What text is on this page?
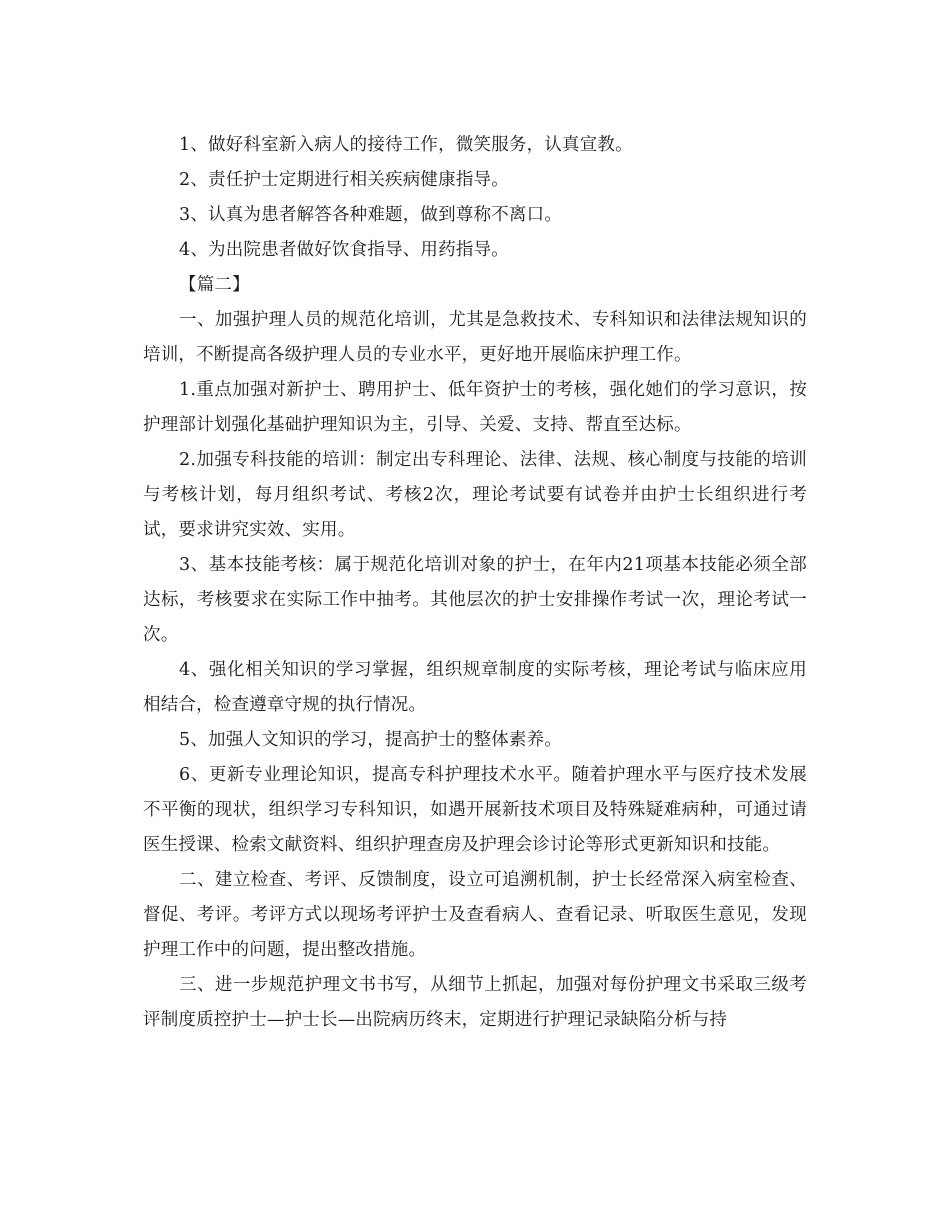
1、做好科室新入病人的接待工作，微笑服务，认真宣教。

2、责任护士定期进行相关疾病健康指导。

3、认真为患者解答各种难题，做到尊称不离口。

4、为出院患者做好饮食指导、用药指导。

【篇二】

一、加强护理人员的规范化培训，尤其是急救技术、专科知识和法律法规知识的培训，不断提高各级护理人员的专业水平，更好地开展临床护理工作。

1.重点加强对新护士、聘用护士、低年资护士的考核，强化她们的学习意识，按护理部计划强化基础护理知识为主，引导、关爱、支持、帮直至达标。

2.加强专科技能的培训：制定出专科理论、法律、法规、核心制度与技能的培训与考核计划，每月组织考试、考核2次，理论考试要有试卷并由护士长组织进行考试，要求讲究实效、实用。

3、基本技能考核：属于规范化培训对象的护士，在年内21项基本技能必须全部达标，考核要求在实际工作中抽考。其他层次的护士安排操作考试一次，理论考试一次。

4、强化相关知识的学习掌握，组织规章制度的实际考核，理论考试与临床应用相结合，检查遵章守规的执行情况。

5、加强人文知识的学习，提高护士的整体素养。

6、更新专业理论知识，提高专科护理技术水平。随着护理水平与医疗技术发展不平衡的现状，组织学习专科知识，如遇开展新技术项目及特殊疑难病种，可通过请医生授课、检索文献资料、组织护理查房及护理会诊讨论等形式更新知识和技能。

二、建立检查、考评、反馈制度，设立可追溯机制，护士长经常深入病室检查、督促、考评。考评方式以现场考评护士及查看病人、查看记录、听取医生意见，发现护理工作中的问题，提出整改措施。

三、进一步规范护理文书书写，从细节上抓起，加强对每份护理文书采取三级考评制度质控护士—护士长—出院病历终末，定期进行护理记录缺陷分析与持
